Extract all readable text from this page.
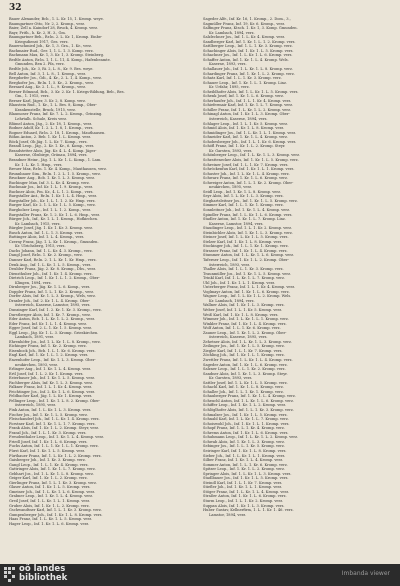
32
Bauer Alexander, Bcb., 1. L. Kr. 15, 1. Kromp. weye.
Baumgartner Otto, Nr. 2, 2. Kromp., verz.
Baier, Zell a. Kaindorf 28, Bruck, 4. Kromp. verz.
Bayr, Frith., h. Kr. 2, H. 3., Gm.
Baumgartner Beh., Rr.ln. 2. L. Kr. 1, Kromp. Einbe-
Kriegsdienst 1917, Ges. verz.
Bauerschmied Job., Kr. 1, 3. Gra., 1. Kr., verz.
Bachmaier Rud., Ger. 1, 1. L. 1. 3. Komp. verz.
Bachmann Max, Kr. 1, 3. Kr. 1, 3. Kromp. Steinberg.
Bedtle Anton, Rr.ln. 1, 1. L. 11, 4. Komp., Hafenbeamte.
Gmunden, Ben 2. Pfa, verz.
Bedtle Joh., Kr. 3, Ri. 2, L. 8., Kr. 9. Bes. weye.
Bell Anton, Inf. 3, 1. L. 8., 1. Kromp., verz.
Bergdorfer Jos., Gdi., 4. Kr., 2. L. 1, 4. Komp., verz.
Berghofer Jos., Rr.ln. 1, 5. Kr., 2. Kromp., verz.
Bernard Aug., Kr. 2. 1. L., 9. Kromp., verz.
Berner Edmund, Bcb., 3. Kr. 2. Kr. 1. Kriegs-Bildung, Beb., Bes.
Gm., 1. 1915, verz.
Berner Karl, Jäger, 3. Kr. 2, 8. Komp. verz.
Blaustein Rud., 1. Kr., 1. L. Bes. 8, Komp., Ober-
Krankenstelle, Bruck, 1915, verz.
Blaumoser Franz, Inf. Kr. 7. L. 2. Kromp., Grinzing.
Lehrtalh. Schule, Kreis verz.
Blümel Anton, Jäg., 2. Kr. 18, 1. Kromp., verz.
Bodner Adolf, Kr. 1. 2. L. 1. 8, 1. Kromp., verz.
Bogner Eduard, Rr.ln. 2. 18, 1. Kromp., Mauthausen.
Böhm Anton, 2. Beb. 1. Kr. 1. L. Kromp. verz.
Böck Josef, Ob.Jäg. 1. L. Kr. 7. Komp., verz.
Brandl Leop., Jäg., 2. Kr. 1. Kr., 6. Komp., verz.
Brandstetter Alois, Jäg. Kr. 4. L. 4. Komp. Jäger-
Kaserne, Obsbirge, Grünau, 1894, verz.
Brandner Heinr., Jäg. 1. L. Kr. 1. L. Komp., 1. Lam.
Kr. 1. L. Kr. 1. Hmp., verz.
Breuer Max, Rr.ln. 1. Kr. 4. Komp., Mauthausen, verz.
Brunnbauer Sim., Rr.ln. 1. 2. L. 1. 5. Kromp., verz.
Bruckner Aug., Bcb. 1. Kr. 1. L. 3. Kromp. verz.
Buchinger Max, Inf. 3. L. Kr. 4. Kromp. verz.
Buchmair Jos., Inf. Kr. 1. L. 1. 9. Kromp., verz.
Buchner Alois, Fm. Kr., 4. L. 1. 2. Komp., verz.
Burgstaller Ant., Rr.ln. 1. Kr. 1. L. 4. Hmp., verz.
Burgstaller Joh., Kr. 1, L. 1. 1. 2. Kr. Hmp. verz.
Burger Karl, Kr. 2. 1. L. Kr. 1. L. 5. Komp., verz.
Burgholzer Leop., Inf. 1. L. 1. 2. Komp., verz.
Burgstaller Franz, Kr. 1. 2. Kr. 1. L. 6. Hmp., verz.
Bürger Joh., Inf., Kr. 1. L. 1. Kromp., Hofkirchen.
Kr. Lambach, 1915, verz.
Bürgler Josef, Jäg. 1. Kr. 1. Kr. 3. Kromp. verz.
Busch Anton, Inf. 1. L. 1. 3. Kromp. verz.
Buttinger Alois, Inf. 1. L. 4. Kromp., verz.
Czerny Franz, Jäg. 1. L. Kr. 1. Kromp., Gmunden.
Kr. Ulrichsberg, 1915, verz.
Dachs Johann, Inf. 1. L. Kr. 4. 3. Kromp., verz.
Dangl Josef, Rr.ln. 1. Kr. 2. Kromp., verz.
Danner Karl, Rr.ln. 2. 1. L. Kr. 1. Kr. Hmp., verz.
Denk Aug., Inf. 1. L. Kr. 1. L. 5. Kromp., verz.
Deubler Franz, Jäg. 2. Kr. 8. Kromp., Dbs., verz.
Diensthuber Joh., Inf. 1. Kr. 1. 4. Kromp. verz.
Dietrich Leop., Inf. 1. Kr. 1. L. 1. 2. Kromp., Ober-
Klingen, 1894, verz.
Dirnberger Jos., Jäg. Kr. 1. L. 6. Komp., verz.
Doppler Franz, Inf. 1. L. 1. Kr. 2. Kromp., verz.
Dorfer Alois, Inf. Kr. 1. L. 3. Kromp., Wels, verz.
Draxler Joh., Inf. 2. Kr. 1. L. 4. Kromp. Ober-
österreich, Kaserne, Lamstor, 1895, verz.
Dunzinger Karl, Inf. 1. 2. Kr. 1. Kr. 3. Kromp., verz.
Durstberger Alois, Inf. 1. Kr. 7. Kromp., verz.
Eder Anton, Bcb. 1. L. Kr. 1. L. 2. Kromp., verz.
Eder Franz, Inf. Kr. 1. L. 1. 4. Kromp. verz.
Egger Josef, Inf. 2. L. 1. Kr. 1. 5. Kromp. verz.
Eggl Leop., Jäg. Kr. 1. L. 3. Kromp. Grieskirchen.
Lambach, 1891, verz.
Ehrenhöfer Jos., Inf. 1. L. Kr. 1. L. 8. Kromp., verz.
Eichinger Franz, Inf. 1. Kr. 2. Kromp. verz.
Eisenbock Joh., Bcb. 1. L. 1. Kr. 6. Kromp. verz.
Engl Karl, Inf. 1. Kr. 1. L. 1. 2. Kromp. verz.
Enzenhofer Leop., Inf. Kr. 1. L. 3. Kromp. Ober-
neukirchen, 1893, verz.
Erlinger Aug., Inf. 1. Kr. 1. L. 4. Kromp. verz.
Ertl Josef, Inf. 1. L. 2. Kr. 1. Kromp. verz.
Esterbauer Joh., Inf. 1. Kr. 1. L. 5. Kromp. verz.
Fachberger Alois, Inf. Kr. 1. L. 3. Kromp. verz.
Falkner Franz, Inf. 1. L. 1. Kr. 4. Kromp. verz.
Feichtinger Jos., Inf. 2. Kr. 1. L. 6. Kromp. verz.
Feldbacher Karl, Jäg. 1. L. Kr. 1. Kromp. verz.
Fellinger Leop., Inf. 1. Kr. 1. L. 8. 2. Kromp. Ober-
österreich, 1895, verz.
Fink Anton, Inf. 1. L. Kr. 1. L. 3. Kromp. verz.
Fischer Jos., Inf. 1. Kr. 1. L. 5. Kromp. verz.
Fleischanderl Joh., Inf. 1. L. Kr. 1. 4. Kromp. verz.
Forstner Karl, Inf. 1. Kr. 1. L. 1. 7. Kromp. verz.
Frank Alois, Inf. 1. Kr. 1. L. 2. Kromp. Steyr, verz.
Franzl Joh., Inf. 1. L. 1. Kr. 3. Kromp. verz.
Freudenthaler Leop., Inf. 1. Kr. 1. L. 4. Kromp. verz.
Friedl Josef, Inf. 1. Kr. 1. L. 6. Kromp. verz.
Fuchs Anton, Inf. 1. L. 1. Kr. 1. L. 1. Kromp. verz.
Fürst Karl, Inf. 1. Kr. 1. L. 5. Kromp. verz.
Fürthauer Franz, Inf. 1. L. Kr. 1. L. 2. Kromp. verz.
Gaisberger Joh., Inf. 1. Kr. 3. Kromp. verz.
Gangl Leop., Inf. 1. L. 1. Kr. 4. Kromp. verz.
Gattringer Alois, Inf. 1. Kr. 1. L. 7. Kromp. verz.
Gebhart Jos., Inf. 1. L. Kr. 1. L. 8. Kromp. verz.
Geiger Karl, Inf. 1. Kr. 1. L. 2. Kromp. verz.
Gierlinger Franz, Inf. 1. L. 1. Kr. 3. Kromp. verz.
Glaser Anton, Inf. 1. Kr. 1. L. 5. Kromp. verz.
Gmeiner Joh., Inf. 1. L. Kr. 1. L. 6. Kromp. verz.
Grabner Leop., Inf. 1. Kr. 1. L. 4. Kromp. verz.
Greil Josef, Inf. 1. L. Kr. 1. L. 1. Kromp. verz.
Gruber Alois, Inf. 1. Kr. 1. L. 2. Kromp. verz.
Gschwandtner Karl, Inf. 1. L. 1. Kr. 3. Kromp. verz.
Gumpenberger Joh., Inf. 1. Kr. 1. L. 8. Kromp. verz.
Haas Franz, Inf. 1. L. Kr. 1. L. 5. Kromp. verz.
Hager Leop., Inf. 1. Kr. 1. L. 6. Kromp. verz.
Sageder Alfr., Inf. Kr. 16, 1. Kromp., 2. Dom., 3.,
Sagmüller Franz, Inf. 19, Kr. 6. Kromp., verz.
Salfinger Franz, Ktsch. 1. Kr. 1, 3. Komp. Gmunden.
Kr. Lambach, 1894, verz.
Salzlechner Jos., Inf. 1. L. Kr. 4. Kromp. verz.
Sandberger Karl, Inf. 1. Kr. 1. L. 1. 2. Kromp. verz.
Sattlberger Leop., Inf. 1. L. 1. Kr. 3. Kromp. verz.
Schachinger Alois, Inf. 1. Kr. 1. L. 5. Kromp. verz.
Schachner Jos., Inf. 1. L. Kr. 1. L. 6. Kromp. verz.
Schaffer Anton, Inf. 1. Kr. 1. L. 4. Kromp. Wels.
Kaserne, 1893, verz.
Schallauer Joh., Inf. 1. L. Kr. 1. L. 8. Kromp. verz.
Schardinger Franz, Inf. 1. Kr. 1. L. 2. Kromp. verz.
Schatz Karl, Inf. 1. L. 1. Kr. 3. Kromp. verz.
Schauer Leop., Inf. 1. Kr. 1. L. 1. Kromp. Linz.
Kr. Urfahr, 1895, verz.
Scheiblhofer Alois, Inf. 1. L. Kr. 1. L. 5. Kromp. verz.
Schenk Josef, Inf. 1. Kr. 1. L. 6. Kromp. verz.
Scherhaufer Joh., Inf. 1. L. 1. Kr. 4. Kromp. verz.
Schiefermair Karl, Inf. 1. Kr. 1. L. 7. Kromp. verz.
Schiller Franz, Inf. 1. L. Kr. 1. L. 2. Kromp. verz.
Schinagl Anton, Inf. 1. Kr. 1. L. 3. Kromp. Ober-
österreich, Kaserne, 1894, verz.
Schlager Leop., Inf. 1. L. 1. Kr. 5. Kromp. verz.
Schmid Alois, Inf. 1. Kr. 1. L. 8. Kromp. verz.
Schmidinger Jos., Inf. 1. L. Kr. 1. L. 1. Kromp. verz.
Schneider Karl, Inf. 1. Kr. 1. L. 4. Kromp. verz.
Schobesberger Joh., Inf. 1. L. 1. Kr. 6. Kromp. verz.
Schöfl Franz, Inf. 1. Kr. 1. L. 2. Kromp. Steyr.
Kr. Garsten, 1893, verz.
Schönberger Leop., Inf. 1. L. Kr. 1. L. 3. Kromp. verz.
Schrattenecker Alois, Inf. 1. Kr. 1. L. 5. Kromp. verz.
Schreiner Josef, Inf. 1. L. 1. Kr. 7. Kromp. verz.
Schröckenfux Karl, Inf. 1. Kr. 1. L. 1. Kromp. verz.
Schuster Joh., Inf. 1. L. Kr. 1. L. 4. Kromp. verz.
Schwarz Franz, Inf. 1. Kr. 1. L. 6. Kromp. verz.
Schweiger Anton, Inf. 1. L. 1. Kr. 2. Kromp. Ober-
neukirchen, 1895, verz.
Seidl Leop., Inf. 1. Kr. 1. L. 8. Kromp. verz.
Seyr Alois, Inf. 1. L. Kr. 1. L. 3. Kromp. verz.
Sieghartsleitner Jos., Inf. 1. Kr. 1. L. 5. Kromp. verz.
Simmer Karl, Inf. 1. L. 1. Kr. 1. Kromp. verz.
Sonnleitner Joh., Inf. 1. Kr. 1. L. 4. Kromp. verz.
Spindler Franz, Inf. 1. L. Kr. 1. L. 6. Kromp. verz.
Stadler Anton, Inf. 1. Kr. 1. L. 7. Kromp. Linz.
Kaserne, Lamstor, 1894, verz.
Staudinger Leop., Inf. 1. L. 1. Kr. 2. Kromp. verz.
Steinbichler Alois, Inf. 1. Kr. 1. L. 3. Kromp. verz.
Steiner Josef, Inf. 1. L. Kr. 1. L. 5. Kromp. verz.
Stelzer Karl, Inf. 1. Kr. 1. L. 8. Kromp. verz.
Stockinger Joh., Inf. 1. L. 1. Kr. 1. Kromp. verz.
Strasser Franz, Inf. 1. Kr. 1. L. 4. Kromp. verz.
Stummer Anton, Inf. 1. L. Kr. 1. L. 6. Kromp. verz.
Taferner Leop., Inf. 1. Kr. 1. L. 2. Kromp. Ober-
österreich, 1893, verz.
Thaller Alois, Inf. 1. L. 1. Kr. 3. Kromp. verz.
Traunmüller Jos., Inf. 1. Kr. 1. L. 5. Kromp. verz.
Trinkl Karl, Inf. 1. L. Kr. 1. L. 7. Kromp. verz.
Uhl Joh., Inf. 1. Kr. 1. L. 1. Kromp. verz.
Unterberger Franz, Inf. 1. L. 1. Kr. 4. Kromp. verz.
Voglmayr Anton, Inf. 1. Kr. 1. L. 6. Kromp. verz.
Wagner Leop., Inf. 1. L. Kr. 1. L. 2. Kromp. Wels.
Kr. Lambach, 1894, verz.
Wallner Alois, Inf. 1. Kr. 1. L. 3. Kromp. verz.
Weber Josef, Inf. 1. L. 1. Kr. 5. Kromp. verz.
Weiß Karl, Inf. 1. Kr. 1. L. 8. Kromp. verz.
Wimmer Joh., Inf. 1. L. Kr. 1. L. 1. Kromp. verz.
Winkler Franz, Inf. 1. Kr. 1. L. 4. Kromp. verz.
Wolf Anton, Inf. 1. L. 1. Kr. 6. Kromp. verz.
Zauner Leop., Inf. 1. Kr. 1. L. 2. Kromp. Ober-
österreich, Kaserne, 1895, verz.
Zehetner Alois, Inf. 1. L. Kr. 1. L. 3. Kromp. verz.
Zeilinger Jos., Inf. 1. Kr. 1. L. 5. Kromp. verz.
Ziegler Karl, Inf. 1. L. 1. Kr. 7. Kromp. verz.
Zöchling Joh., Inf. 1. Kr. 1. L. 1. Kromp. verz.
Zwettler Franz, Inf. 1. L. Kr. 1. L. 4. Kromp. verz.
Sageder Anton, Inf. 1. Kr. 1. L. 6. Kromp. verz.
Salzner Leop., Inf. 1. L. 1. Kr. 2. Kromp. verz.
Sandner Alois, Inf. 1. Kr. 1. L. 3. Kromp. Steyr.
Kr. Garsten, 1893, verz.
Sattler Josef, Inf. 1. L. Kr. 1. L. 5. Kromp. verz.
Schachl Karl, Inf. 1. Kr. 1. L. 8. Kromp. verz.
Schaller Joh., Inf. 1. L. 1. Kr. 1. Kromp. verz.
Schauberger Franz, Inf. 1. Kr. 1. L. 4. Kromp. verz.
Scheuchl Anton, Inf. 1. L. Kr. 1. L. 6. Kromp. verz.
Schiffer Leop., Inf. 1. Kr. 1. L. 2. Kromp. verz.
Schlöglhofer Alois, Inf. 1. L. 1. Kr. 3. Kromp. verz.
Schmalzer Jos., Inf. 1. Kr. 1. L. 5. Kromp. verz.
Schnabl Karl, Inf. 1. L. Kr. 1. L. 7. Kromp. verz.
Schoiswohl Joh., Inf. 1. Kr. 1. L. 1. Kromp. verz.
Schopf Franz, Inf. 1. L. 1. Kr. 4. Kromp. verz.
Schrems Anton, Inf. 1. Kr. 1. L. 6. Kromp. verz.
Schuhmann Leop., Inf. 1. L. Kr. 1. L. 2. Kromp. verz.
Schwab Alois, Inf. 1. Kr. 1. L. 3. Kromp. verz.
Sebinger Jos., Inf. 1. L. 1. Kr. 5. Kromp. verz.
Seiringer Karl, Inf. 1. Kr. 1. L. 8. Kromp. verz.
Sieber Joh., Inf. 1. L. Kr. 1. L. 1. Kromp. verz.
Silber Franz, Inf. 1. Kr. 1. L. 4. Kromp. verz.
Sommer Anton, Inf. 1. L. 1. Kr. 6. Kromp. verz.
Spitzer Leop., Inf. 1. Kr. 1. L. 2. Kromp. verz.
Springer Alois, Inf. 1. L. Kr. 1. L. 3. Kromp. verz.
Stadlbauer Jos., Inf. 1. Kr. 1. L. 5. Kromp. verz.
Steindl Karl, Inf. 1. L. 1. Kr. 7. Kromp. verz.
Stiefler Joh., Inf. 1. Kr. 1. L. 1. Kromp. verz.
Stöger Franz, Inf. 1. L. Kr. 1. L. 4. Kromp. verz.
Straßer Anton, Inf. 1. Kr. 1. L. 6. Kromp. verz.
Sturm Leop., Inf. 1. L. 1. Kr. 2. Kromp. verz.
Suppan Alois, Inf. 1. Kr. 1. L. 3. Kromp. verz.
Huber Gustav, Kellnerfirm, 1. L. 1. Kr. 1. 46. verz.
Lamstor, 1894, verz.
oö landes
bibliothek	Imbanda viewer
